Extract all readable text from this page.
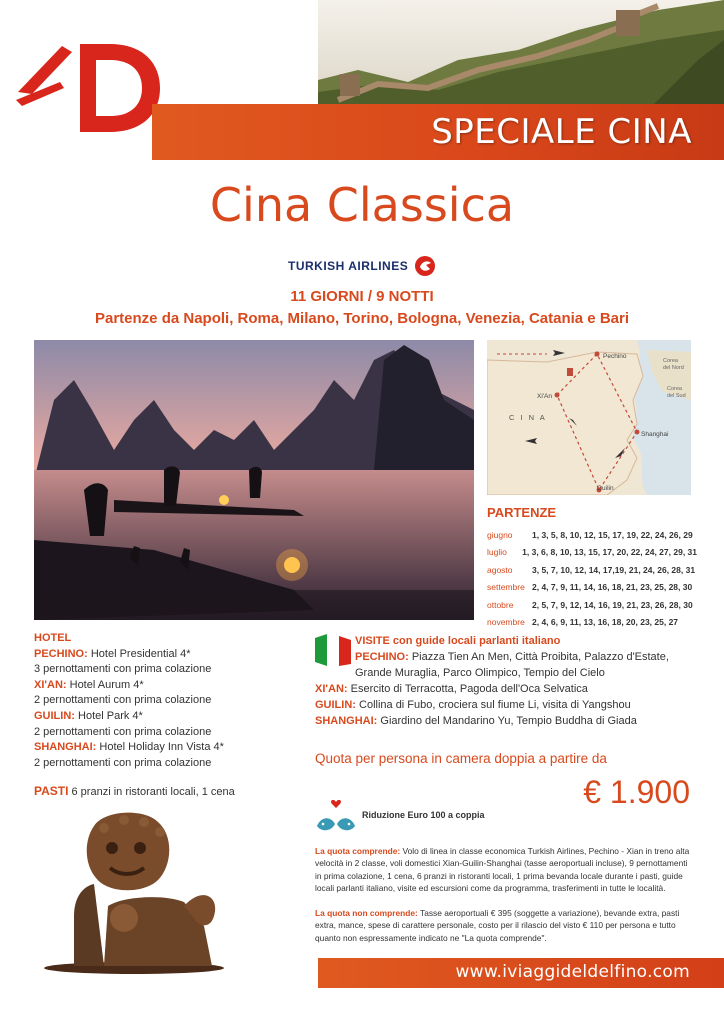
SPECIALE CINA
Cina Classica
TURKISH AIRLINES
11 GIORNI / 9 NOTTI
Partenze da Napoli, Roma, Milano, Torino, Bologna, Venezia, Catania e Bari
Pechino
Corea
del Nord
Corea
del Sud
Xi'An
C I N A
Shanghai
Guilin
PARTENZE
giugno	1, 3, 5, 8, 10, 12, 15, 17, 19, 22, 24, 26, 29
luglio	1, 3, 6, 8, 10, 13, 15, 17, 20, 22, 24, 27, 29, 31
agosto	3, 5, 7, 10, 12, 14, 17,19, 21, 24, 26, 28, 31
settembre 2, 4, 7, 9, 11, 14, 16, 18, 21, 23, 25, 28, 30
ottobre	2, 5, 7, 9, 12, 14, 16, 19, 21, 23, 26, 28, 30
novembre 2, 4, 6, 9, 11, 13, 16, 18, 20, 23, 25, 27
HOTEL
PECHINO: Hotel Presidential 4*
3 pernottamenti con prima colazione
XI'AN: Hotel Aurum 4*
2 pernottamenti con prima colazione
GUILIN: Hotel Park 4*
2 pernottamenti con prima colazione
SHANGHAI: Hotel Holiday Inn Vista 4*
2 pernottamenti con prima colazione
PASTI 6 pranzi in ristoranti locali, 1 cena
VISITE con guide locali parlanti italiano
PECHINO: Piazza Tien An Men, Città Proibita, Palazzo d'Estate, Grande Muraglia, Parco Olimpico, Tempio del Cielo
XI'AN: Esercito di Terracotta, Pagoda dell'Oca Selvatica
GUILIN: Collina di Fubo, crociera sul fiume Li, visita di Yangshou
SHANGHAI: Giardino del Mandarino Yu, Tempio Buddha di Giada
Quota per persona in camera doppia a partire da
€ 1.900
Riduzione Euro 100 a coppia
La quota comprende: Volo di linea in classe economica Turkish Airlines, Pechino - Xian in treno alta velocità in 2 classe, voli domestici Xian-Guilin-Shanghai (tasse aeroportuali incluse), 9 pernottamenti in prima colazione, 1 cena, 6 pranzi in ristoranti locali, 1 prima bevanda locale durante i pasti, guide locali parlanti italiano, visite ed escursioni come da programma, trasferimenti in tutte le località.
La quota non comprende: Tasse aeroportuali € 395 (soggette a variazione), bevande extra, pasti extra, mance, spese di carattere personale, costo per il rilascio del visto € 110 per persona e tutto quanto non espressamente indicato ne "La quota comprende".
www.iviaggideldelfino.com
